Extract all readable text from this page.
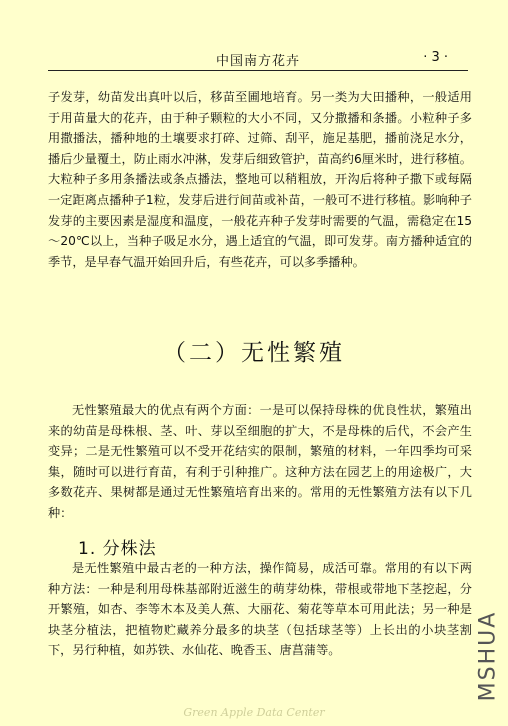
中国南方花卉	· 3 ·

子发芽，幼苗发出真叶以后，移苗至圃地培育。另一类为大田播种，一般适用于用苗量大的花卉，由于种子颗粒的大小不同，又分撒播和条播。小粒种子多用撒播法，播种地的土壤要求打碎、过筛、刮平，施足基肥，播前浇足水分，播后少量覆土，防止雨水冲淋，发芽后细致管护，苗高约6厘米时，进行移植。大粒种子多用条播法或条点播法，整地可以稍粗放，开沟后将种子撒下或每隔一定距离点播种子1粒，发芽后进行间苗或补苗，一般可不进行移植。影响种子发芽的主要因素是湿度和温度，一般花卉种子发芽时需要的气温，需稳定在15～20℃以上，当种子吸足水分，遇上适宜的气温，即可发芽。南方播种适宜的季节，是早春气温开始回升后，有些花卉，可以多季播种。

（二）无性繁殖

无性繁殖最大的优点有两个方面：一是可以保持母株的优良性状，繁殖出来的幼苗是母株根、茎、叶、芽以至细胞的扩大，不是母株的后代，不会产生变异；二是无性繁殖可以不受开花结实的限制，繁殖的材料，一年四季均可采集，随时可以进行育苗，有利于引种推广。这种方法在园艺上的用途极广，大多数花卉、果树都是通过无性繁殖培育出来的。常用的无性繁殖方法有以下几种：

1. 分株法

是无性繁殖中最古老的一种方法，操作简易，成活可靠。常用的有以下两种方法：一种是利用母株基部附近滋生的萌芽幼株，带根或带地下茎挖起，分开繁殖，如杏、李等木本及美人蕉、大丽花、菊花等草本可用此法；另一种是块茎分植法，把植物贮藏养分最多的块茎（包括球茎等）上长出的小块茎割下，另行种植，如苏铁、水仙花、晚香玉、唐菖蒲等。	MSHUA
Green Apple Data Center
